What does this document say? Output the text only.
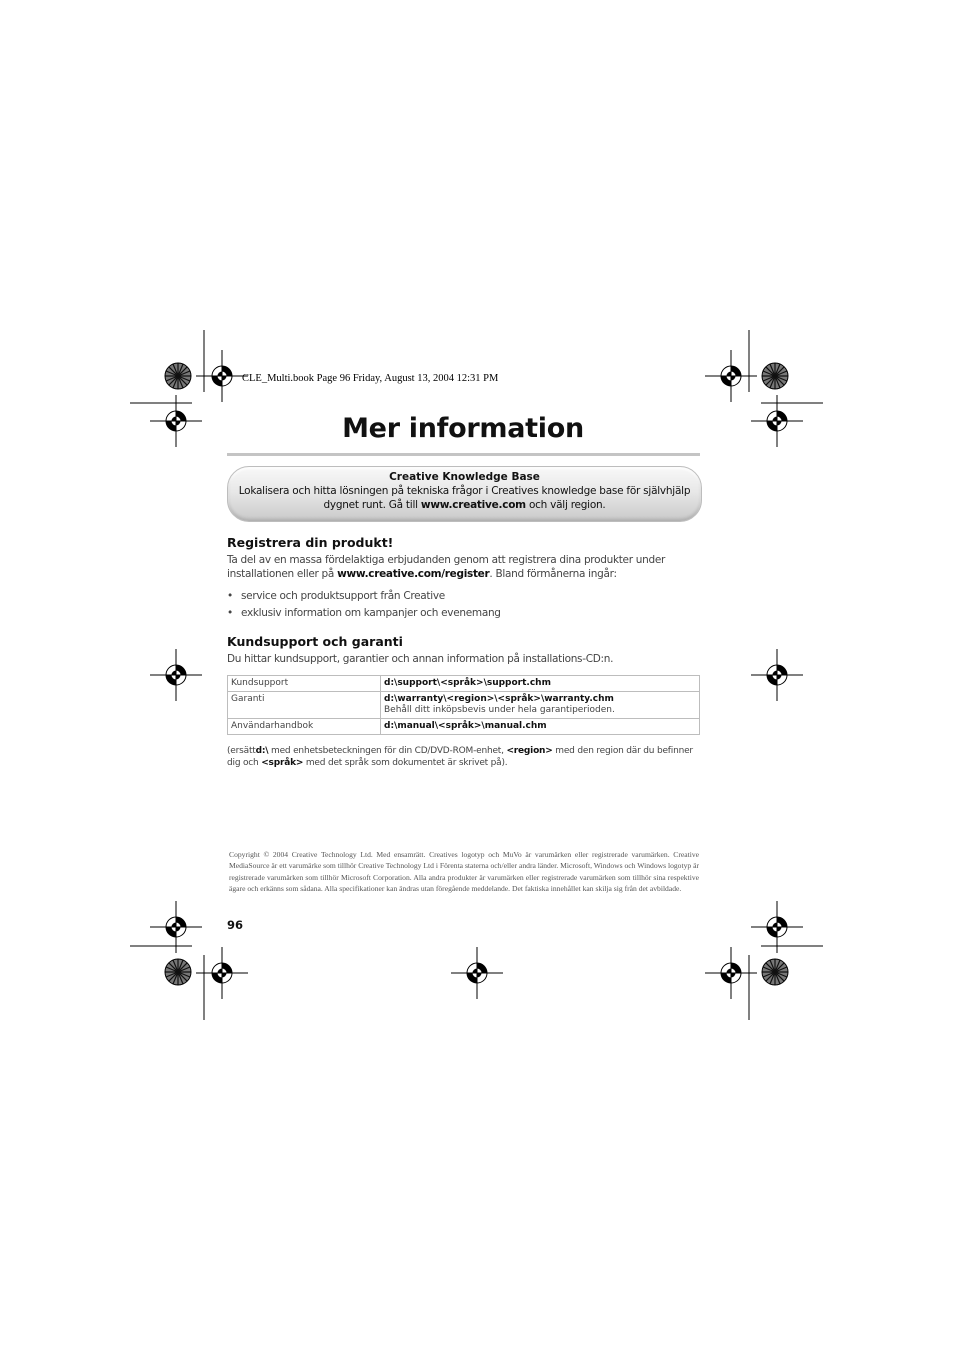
CLE_Multi.book Page 96 Friday, August 13, 2004 12:31 PM
Mer information
Creative Knowledge Base
Lokalisera och hitta lösningen på tekniska frågor i Creatives knowledge base för självhjälp dygnet runt. Gå till www.creative.com och välj region.
Registrera din produkt!
Ta del av en massa fördelaktiga erbjudanden genom att registrera dina produkter under installationen eller på www.creative.com/register. Bland förmånerna ingår:
• service och produktsupport från Creative
• exklusiv information om kampanjer och evenemang
Kundsupport och garanti
Du hittar kundsupport, garantier och annan information på installations-CD:n.
Kundsupport	d:\support\<språk>\support.chm
Garanti	d:\warranty\<region>\<språk>\warranty.chm
Behåll ditt inköpsbevis under hela garantiperioden.
Användarhandbok	d:\manual\<språk>\manual.chm
(ersättd:\ med enhetsbeteckningen för din CD/DVD-ROM-enhet, <region> med den region där du befinner dig och <språk> med det språk som dokumentet är skrivet på).
Copyright © 2004 Creative Technology Ltd. Med ensamrätt. Creatives logotyp och MuVo är varumärken eller registrerade varumärken. Creative MediaSource är ett varumärke som tillhör Creative Technology Ltd i Förenta staterna och/eller andra länder. Microsoft, Windows och Windows logotyp är registrerade varumärken som tillhör Microsoft Corporation. Alla andra produkter är varumärken eller registrerade varumärken som tillhör sina respektive ägare och erkänns som sådana. Alla specifikationer kan ändras utan föregående meddelande. Det faktiska innehållet kan skilja sig från det avbildade.
96
